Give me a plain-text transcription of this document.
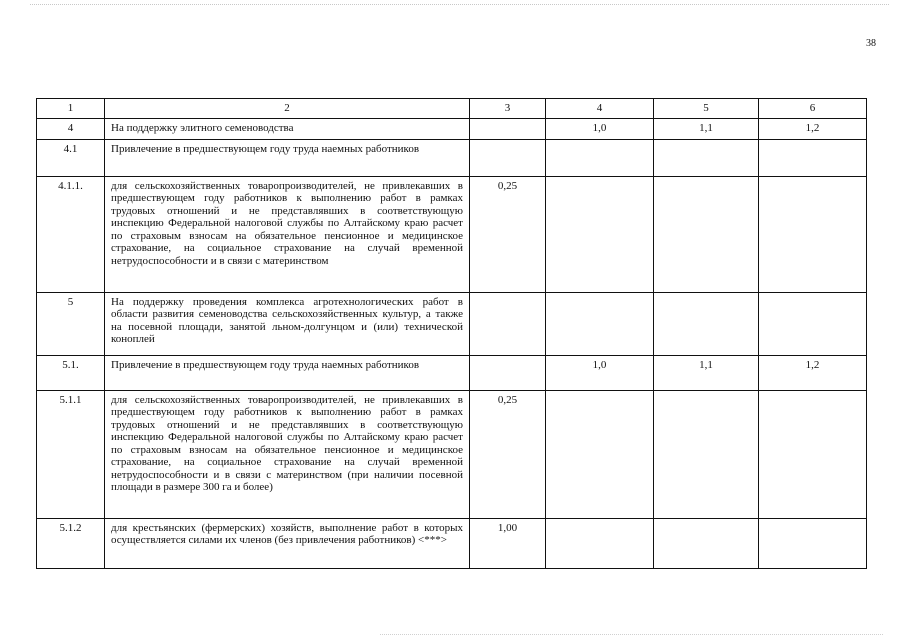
38
1	2	3	4	5	6
4	На поддержку элитного семеноводства		1,0	1,1	1,2
4.1	Привлечение в предшествующем году труда наемных работников				
4.1.1.	для сельскохозяйственных товаропроизводителей, не привлекавших в предшествующем году работников к выполнению работ в рамках трудовых отношений и не представлявших в соответствующую инспекцию Федеральной налоговой службы по Алтайскому краю расчет по страховым взносам на обязательное пенсионное и медицинское страхование, на социальное страхование на случай временной нетрудоспособности и в связи с материнством	0,25			
5	На поддержку проведения комплекса агротехнологических работ в области развития семеноводства сельскохозяйственных культур, а также на посевной площади, занятой льном-долгунцом и (или) технической коноплей				
5.1.	Привлечение в предшествующем году труда наемных работников		1,0	1,1	1,2
5.1.1	для сельскохозяйственных товаропроизводителей, не привлекавших в предшествующем году работников к выполнению работ в рамках трудовых отношений и не представлявших в соответствующую инспекцию Федеральной налоговой службы по Алтайскому краю расчет по страховым взносам на обязательное пенсионное и медицинское страхование, на социальное страхование на случай временной нетрудоспособности и в связи с материнством (при наличии посевной площади в размере 300 га и более)	0,25			
5.1.2	для крестьянских (фермерских) хозяйств, выполнение работ в которых осуществляется силами их членов (без привлечения работников) <***>	1,00			
